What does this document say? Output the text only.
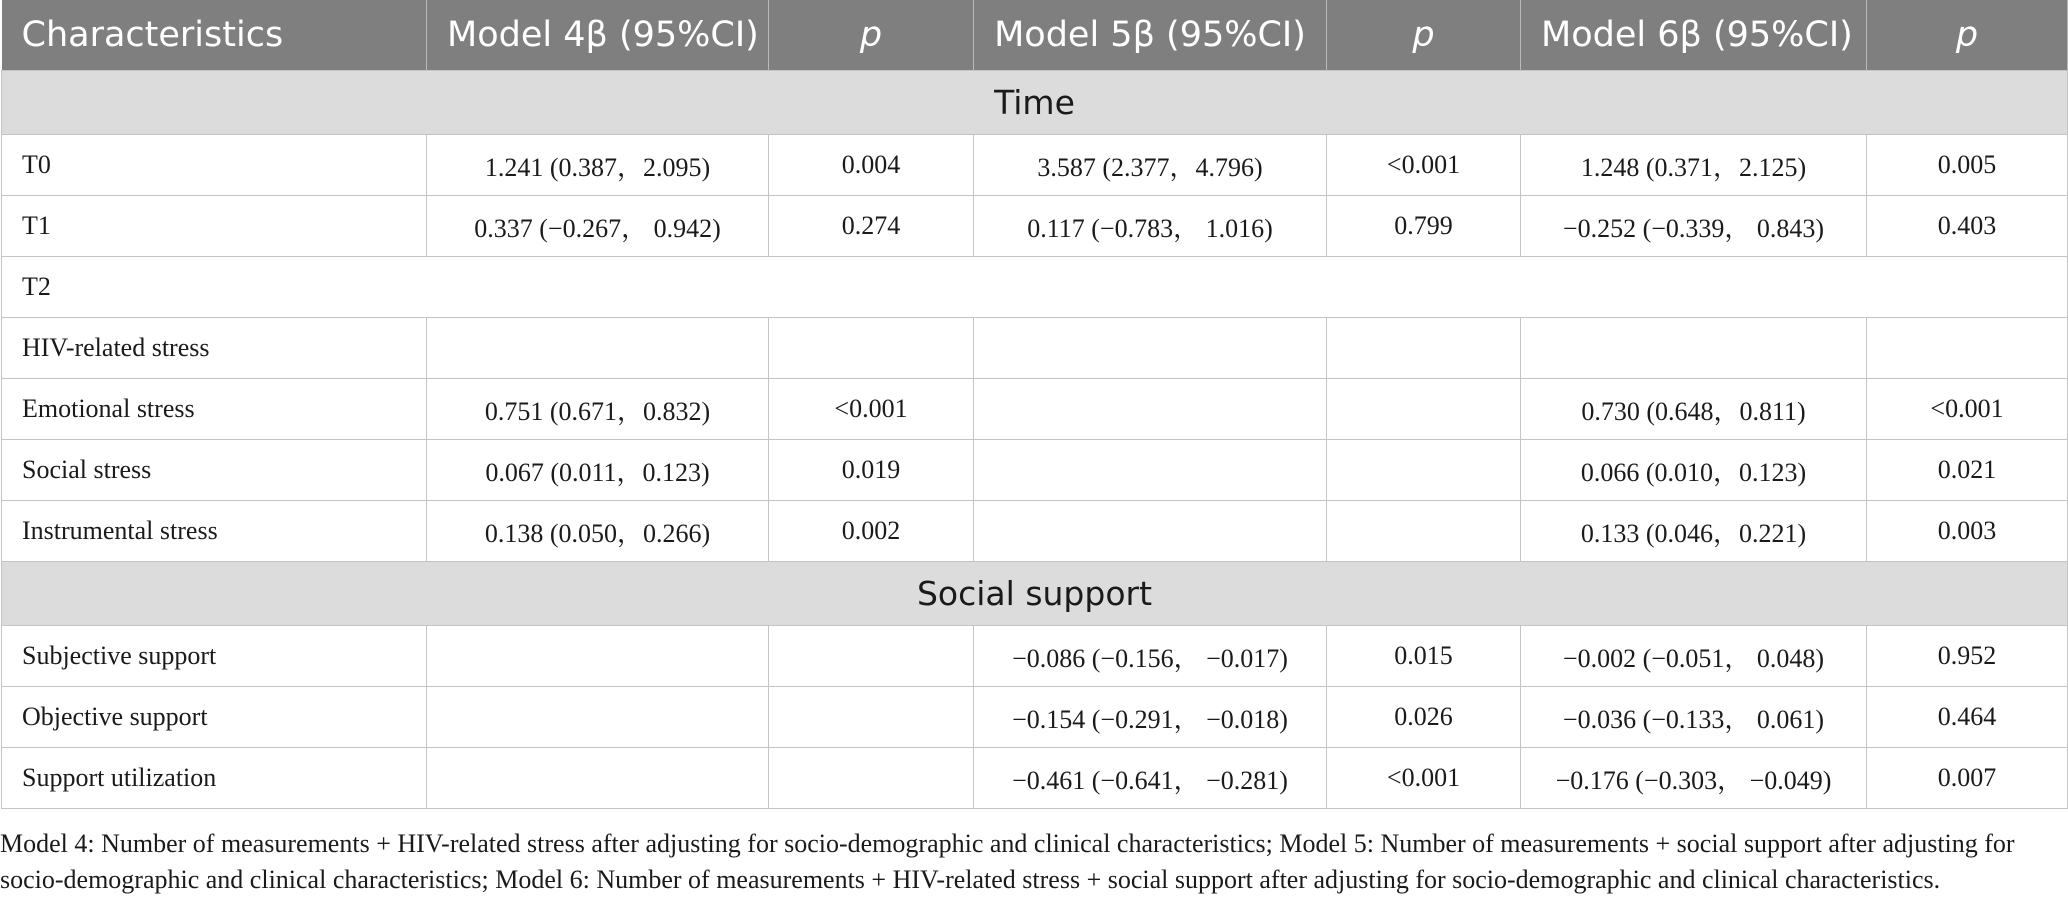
Characteristics	Model 4β (95%CI)	p	Model 5β (95%CI)	p	Model 6β (95%CI)	p
Time						
T0	1.241 (0.387，2.095)	0.004	3.587 (2.377，4.796)	<0.001	1.248 (0.371，2.125)	0.005
T1	0.337 (−0.267， 0.942)	0.274	0.117 (−0.783， 1.016)	0.799	−0.252 (−0.339， 0.843)	0.403
T2						
HIV-related stress						
Emotional stress	0.751 (0.671，0.832)	<0.001			0.730 (0.648，0.811)	<0.001
Social stress	0.067 (0.011，0.123)	0.019			0.066 (0.010，0.123)	0.021
Instrumental stress	0.138 (0.050，0.266)	0.002			0.133 (0.046，0.221)	0.003
Social support						
Subjective support			−0.086 (−0.156， −0.017)	0.015	−0.002 (−0.051， 0.048)	0.952
Objective support			−0.154 (−0.291， −0.018)	0.026	−0.036 (−0.133， 0.061)	0.464
Support utilization			−0.461 (−0.641， −0.281)	<0.001	−0.176 (−0.303， −0.049)	0.007

Model 4: Number of measurements + HIV-related stress after adjusting for socio-demographic and clinical characteristics; Model 5: Number of measurements + social support after adjusting for socio-demographic and clinical characteristics; Model 6: Number of measurements + HIV-related stress + social support after adjusting for socio-demographic and clinical characteristics.
